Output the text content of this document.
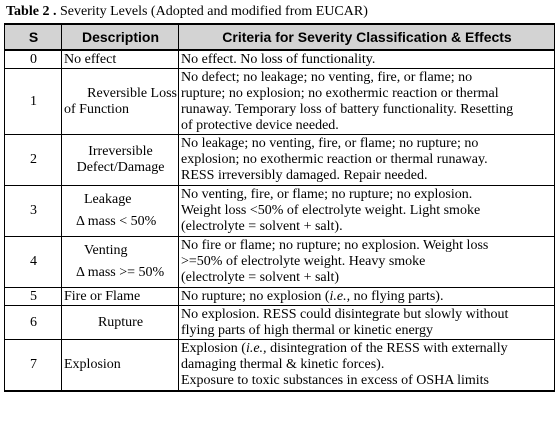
Table 2 . Severity Levels (Adopted and modified from EUCAR)
S	Description	Criteria for Severity Classification & Effects
0	No effect	No effect. No loss of functionality.

1	Reversible Loss
of Function	No defect; no leakage; no venting, fire, or flame; no
rupture; no explosion; no exothermic reaction or thermal
runaway. Temporary loss of battery functionality. Resetting
of protective device needed.

2	Irreversible
Defect/Damage	No leakage; no venting, fire, or flame; no rupture; no
explosion; no exothermic reaction or thermal runaway.
RESS irreversibly damaged. Repair needed.

3	Leakage
Δ mass < 50%	No venting, fire, or flame; no rupture; no explosion.
Weight loss <50% of electrolyte weight. Light smoke
(electrolyte = solvent + salt).

4	Venting
Δ mass >= 50%	No fire or flame; no rupture; no explosion. Weight loss
>=50% of electrolyte weight. Heavy smoke
(electrolyte = solvent + salt)

5	Fire or Flame	No rupture; no explosion (i.e., no flying parts).

6	Rupture	No explosion. RESS could disintegrate but slowly without
flying parts of high thermal or kinetic energy

7	Explosion	Explosion (i.e., disintegration of the RESS with externally
damaging thermal & kinetic forces).
Exposure to toxic substances in excess of OSHA limits
